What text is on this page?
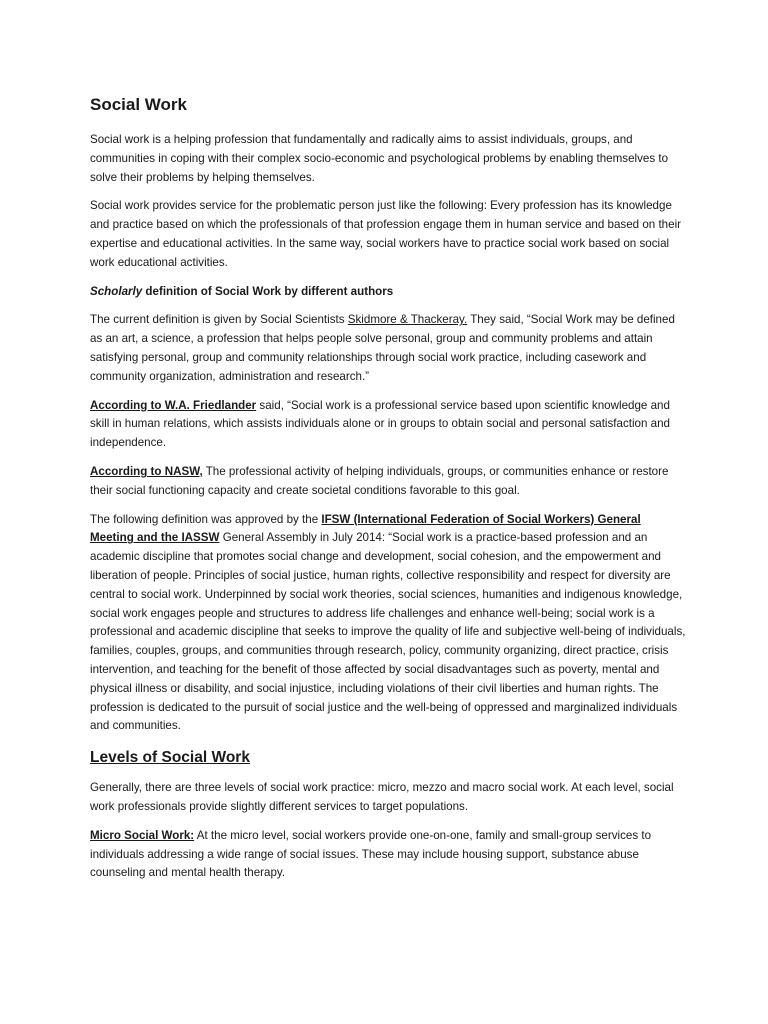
Social Work

Social work is a helping profession that fundamentally and radically aims to assist individuals, groups, and communities in coping with their complex socio-economic and psychological problems by enabling themselves to solve their problems by helping themselves.

Social work provides service for the problematic person just like the following: Every profession has its knowledge and practice based on which the professionals of that profession engage them in human service and based on their expertise and educational activities. In the same way, social workers have to practice social work based on social work educational activities.

Scholarly definition of Social Work by different authors

The current definition is given by Social Scientists Skidmore & Thackeray. They said, “Social Work may be defined as an art, a science, a profession that helps people solve personal, group and community problems and attain satisfying personal, group and community relationships through social work practice, including casework and community organization, administration and research.”

According to W.A. Friedlander said, “Social work is a professional service based upon scientific knowledge and skill in human relations, which assists individuals alone or in groups to obtain social and personal satisfaction and independence.

According to NASW, The professional activity of helping individuals, groups, or communities enhance or restore their social functioning capacity and create societal conditions favorable to this goal.

The following definition was approved by the IFSW (International Federation of Social Workers) General Meeting and the IASSW General Assembly in July 2014: “Social work is a practice-based profession and an academic discipline that promotes social change and development, social cohesion, and the empowerment and liberation of people. Principles of social justice, human rights, collective responsibility and respect for diversity are central to social work. Underpinned by social work theories, social sciences, humanities and indigenous knowledge, social work engages people and structures to address life challenges and enhance well-being; social work is a professional and academic discipline that seeks to improve the quality of life and subjective well-being of individuals, families, couples, groups, and communities through research, policy, community organizing, direct practice, crisis intervention, and teaching for the benefit of those affected by social disadvantages such as poverty, mental and physical illness or disability, and social injustice, including violations of their civil liberties and human rights. The profession is dedicated to the pursuit of social justice and the well-being of oppressed and marginalized individuals and communities.

Levels of Social Work

Generally, there are three levels of social work practice: micro, mezzo and macro social work. At each level, social work professionals provide slightly different services to target populations.

Micro Social Work: At the micro level, social workers provide one-on-one, family and small-group services to individuals addressing a wide range of social issues. These may include housing support, substance abuse counseling and mental health therapy.
